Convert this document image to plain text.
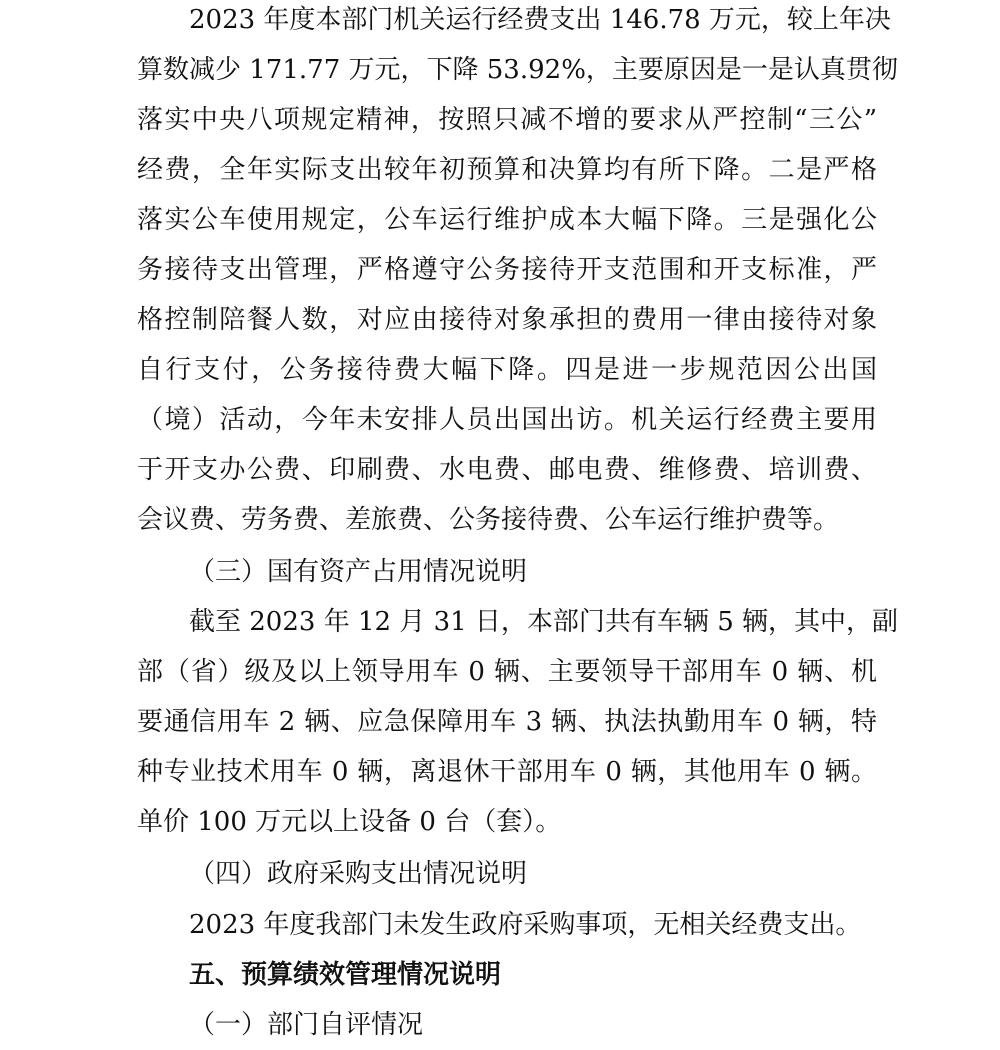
2023 年度本部门机关运行经费支出 146.78 万元，较上年决
算数减少 171.77 万元，下降 53.92%，主要原因是一是认真贯彻
落实中央八项规定精神，按照只减不增的要求从严控制“三公”
经费，全年实际支出较年初预算和决算均有所下降。二是严格
落实公车使用规定，公车运行维护成本大幅下降。三是强化公
务接待支出管理，严格遵守公务接待开支范围和开支标准，严
格控制陪餐人数，对应由接待对象承担的费用一律由接待对象
自行支付，公务接待费大幅下降。四是进一步规范因公出国
（境）活动，今年未安排人员出国出访。机关运行经费主要用
于开支办公费、印刷费、水电费、邮电费、维修费、培训费、
会议费、劳务费、差旅费、公务接待费、公车运行维护费等。
（三）国有资产占用情况说明
截至 2023 年 12 月 31 日，本部门共有车辆 5 辆，其中，副
部（省）级及以上领导用车 0 辆、主要领导干部用车 0 辆、机
要通信用车 2 辆、应急保障用车 3 辆、执法执勤用车 0 辆，特
种专业技术用车 0 辆，离退休干部用车 0 辆，其他用车 0 辆。
单价 100 万元以上设备 0 台（套）。
（四）政府采购支出情况说明
2023 年度我部门未发生政府采购事项，无相关经费支出。
五、预算绩效管理情况说明
（一）部门自评情况
